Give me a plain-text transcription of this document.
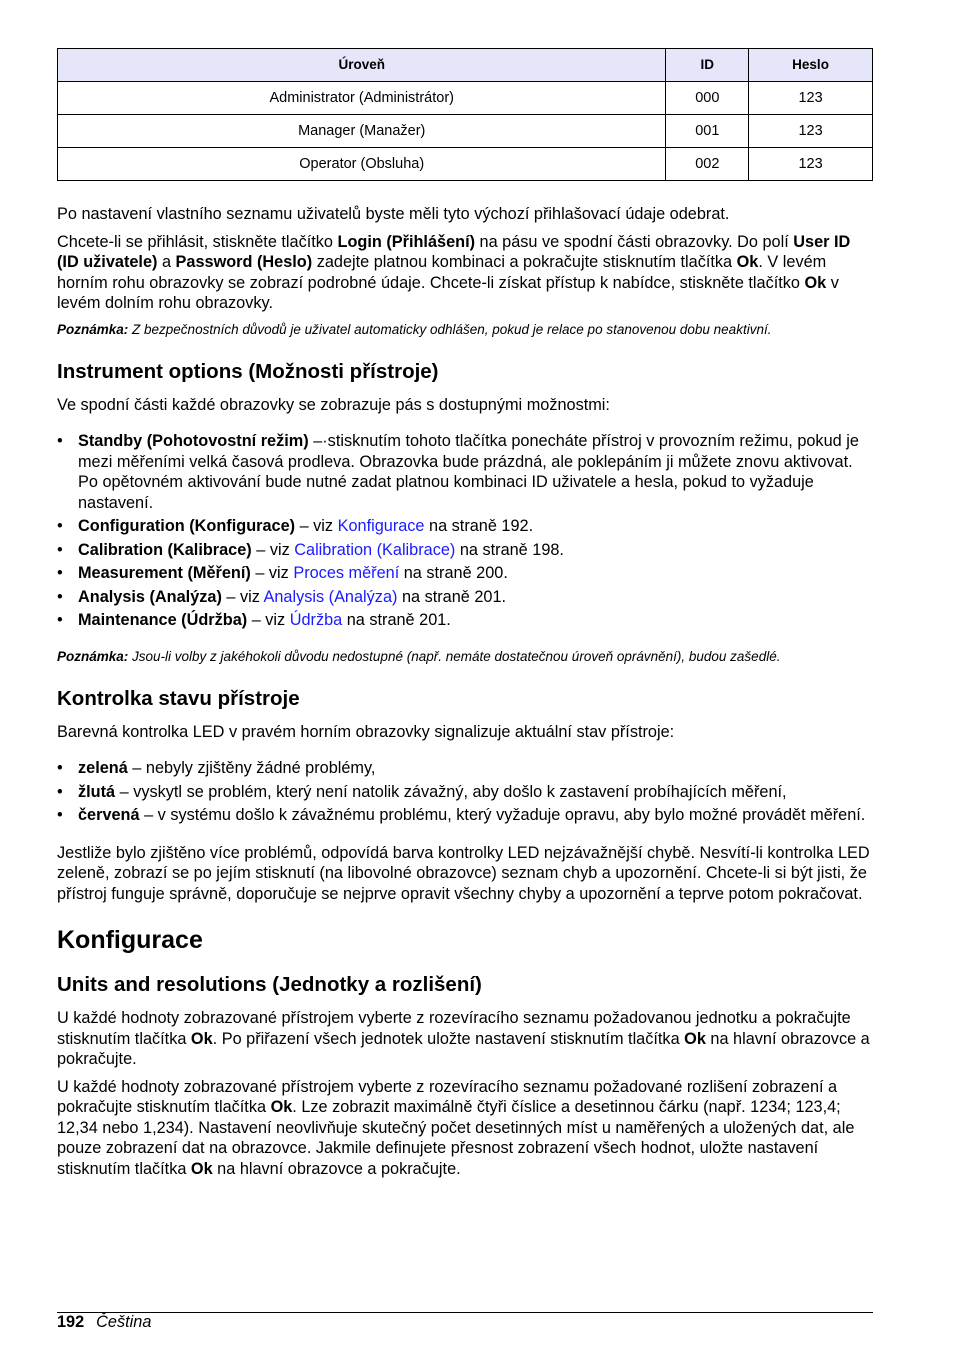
Úroveň	ID	Heslo
Administrator (Administrátor)	000	123
Manager (Manažer)	001	123
Operator (Obsluha)	002	123

Po nastavení vlastního seznamu uživatelů byste měli tyto výchozí přihlašovací údaje odebrat.

Chcete-li se přihlásit, stiskněte tlačítko Login (Přihlášení) na pásu ve spodní části obrazovky. Do polí User ID (ID uživatele) a Password (Heslo) zadejte platnou kombinaci a pokračujte stisknutím tlačítka Ok. V levém horním rohu obrazovky se zobrazí podrobné údaje. Chcete-li získat přístup k nabídce, stiskněte tlačítko Ok v levém dolním rohu obrazovky.

Poznámka: Z bezpečnostních důvodů je uživatel automaticky odhlášen, pokud je relace po stanovenou dobu neaktivní.

Instrument options (Možnosti přístroje)

Ve spodní části každé obrazovky se zobrazuje pás s dostupnými možnostmi:

• Standby (Pohotovostní režim) –·stisknutím tohoto tlačítka ponecháte přístroj v provozním režimu, pokud je mezi měřeními velká časová prodleva. Obrazovka bude prázdná, ale poklepáním ji můžete znovu aktivovat. Po opětovném aktivování bude nutné zadat platnou kombinaci ID uživatele a hesla, pokud to vyžaduje nastavení.
• Configuration (Konfigurace) – viz Konfigurace na straně 192.
• Calibration (Kalibrace) – viz Calibration (Kalibrace) na straně 198.
• Measurement (Měření) – viz Proces měření na straně 200.
• Analysis (Analýza) – viz Analysis (Analýza) na straně 201.
• Maintenance (Údržba) – viz Údržba na straně 201.

Poznámka: Jsou-li volby z jakéhokoli důvodu nedostupné (např. nemáte dostatečnou úroveň oprávnění), budou zašedlé.

Kontrolka stavu přístroje

Barevná kontrolka LED v pravém horním obrazovky signalizuje aktuální stav přístroje:

• zelená – nebyly zjištěny žádné problémy,
• žlutá – vyskytl se problém, který není natolik závažný, aby došlo k zastavení probíhajících měření,
• červená – v systému došlo k závažnému problému, který vyžaduje opravu, aby bylo možné provádět měření.

Jestliže bylo zjištěno více problémů, odpovídá barva kontrolky LED nejzávažnější chybě. Nesvítí-li kontrolka LED zeleně, zobrazí se po jejím stisknutí (na libovolné obrazovce) seznam chyb a upozornění. Chcete-li si být jisti, že přístroj funguje správně, doporučuje se nejprve opravit všechny chyby a upozornění a teprve potom pokračovat.

Konfigurace
Units and resolutions (Jednotky a rozlišení)

U každé hodnoty zobrazované přístrojem vyberte z rozevíracího seznamu požadovanou jednotku a pokračujte stisknutím tlačítka Ok. Po přiřazení všech jednotek uložte nastavení stisknutím tlačítka Ok na hlavní obrazovce a pokračujte.

U každé hodnoty zobrazované přístrojem vyberte z rozevíracího seznamu požadované rozlišení zobrazení a pokračujte stisknutím tlačítka Ok. Lze zobrazit maximálně čtyři číslice a desetinnou čárku (např. 1234; 123,4; 12,34 nebo 1,234). Nastavení neovlivňuje skutečný počet desetinných míst u naměřených a uložených dat, ale pouze zobrazení dat na obrazovce. Jakmile definujete přesnost zobrazení všech hodnot, uložte nastavení stisknutím tlačítka Ok na hlavní obrazovce a pokračujte.

192 Čeština
